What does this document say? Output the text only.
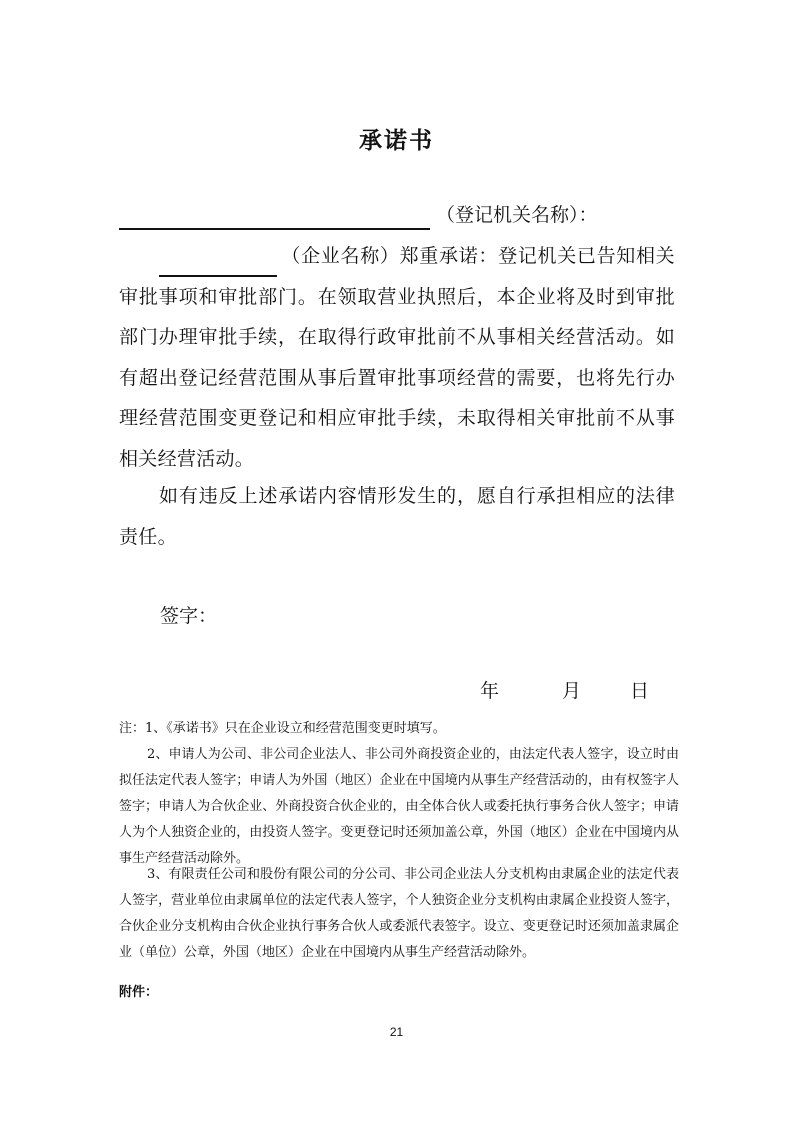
承诺书
（登记机关名称）：
（企业名称）郑重承诺：登记机关已告知相关审批事项和审批部门。在领取营业执照后，本企业将及时到审批部门办理审批手续，在取得行政审批前不从事相关经营活动。如有超出登记经营范围从事后置审批事项经营的需要，也将先行办理经营范围变更登记和相应审批手续，未取得相关审批前不从事相关经营活动。
如有违反上述承诺内容情形发生的，愿自行承担相应的法律责任。
签字：
年	月	日
注：1、《承诺书》只在企业设立和经营范围变更时填写。
2、申请人为公司、非公司企业法人、非公司外商投资企业的，由法定代表人签字，设立时由拟任法定代表人签字；申请人为外国（地区）企业在中国境内从事生产经营活动的，由有权签字人签字；申请人为合伙企业、外商投资合伙企业的，由全体合伙人或委托执行事务合伙人签字；申请人为个人独资企业的，由投资人签字。变更登记时还须加盖公章，外国（地区）企业在中国境内从事生产经营活动除外。
3、有限责任公司和股份有限公司的分公司、非公司企业法人分支机构由隶属企业的法定代表人签字，营业单位由隶属单位的法定代表人签字，个人独资企业分支机构由隶属企业投资人签字，合伙企业分支机构由合伙企业执行事务合伙人或委派代表签字。设立、变更登记时还须加盖隶属企业（单位）公章，外国（地区）企业在中国境内从事生产经营活动除外。
附件：
21
